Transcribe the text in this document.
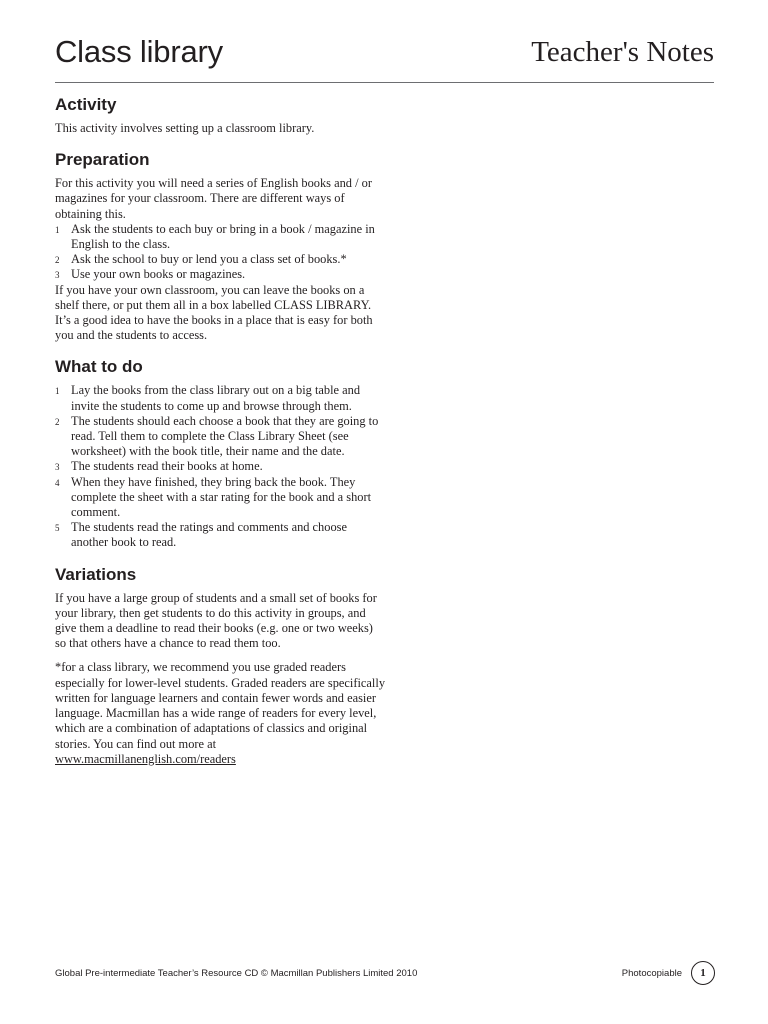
Class library	Teacher's Notes
Activity

This activity involves setting up a classroom library.

Preparation

For this activity you will need a series of English books and / or magazines for your classroom. There are different ways of obtaining this.

1 Ask the students to each buy or bring in a book / magazine in English to the class.
2 Ask the school to buy or lend you a class set of books.*
3 Use your own books or magazines.

If you have your own classroom, you can leave the books on a shelf there, or put them all in a box labelled CLASS LIBRARY. It’s a good idea to have the books in a place that is easy for both you and the students to access.

What to do
1 Lay the books from the class library out on a big table and invite the students to come up and browse through them.
2 The students should each choose a book that they are going to read. Tell them to complete the Class Library Sheet (see worksheet) with the book title, their name and the date.
3 The students read their books at home.
4 When they have finished, they bring back the book. They complete the sheet with a star rating for the book and a short comment.
5 The students read the ratings and comments and choose another book to read.
Variations

If you have a large group of students and a small set of books for your library, then get students to do this activity in groups, and give them a deadline to read their books (e.g. one or two weeks) so that others have a chance to read them too.

*for a class library, we recommend you use graded readers especially for lower-level students. Graded readers are specifically written for language learners and contain fewer words and easier language. Macmillan has a wide range of readers for every level, which are a combination of adaptations of classics and original stories. You can find out more at www.macmillanenglish.com/readers

Global Pre-intermediate Teacher’s Resource CD © Macmillan Publishers Limited 2010	Photocopiable	1
